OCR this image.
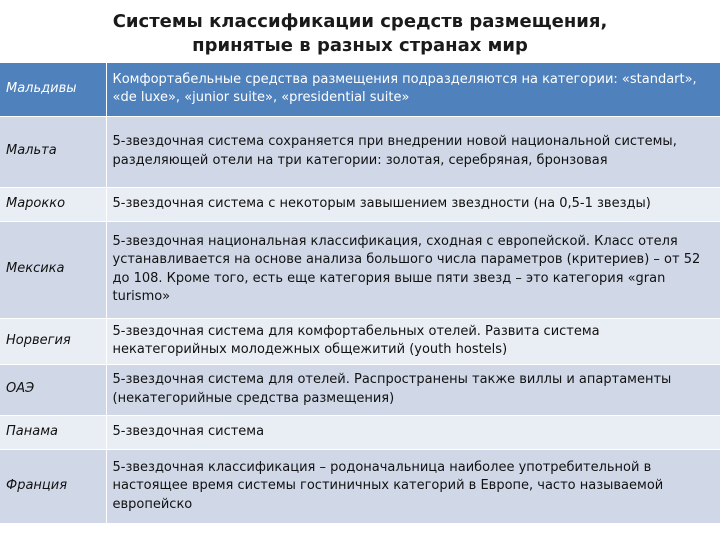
Системы классификации средств размещения,
принятые в разных странах мир
Мальдивы	Комфортабельные средства размещения подразделяются на категории: «standart», «de luxe», «junior suite», «presidential suite»
Мальта	5-звездочная система сохраняется при внедрении новой национальной системы, разделяющей отели на три категории: золотая, серебряная, бронзовая
Марокко	5-звездочная система с некоторым завышением звездности (на 0,5-1 звезды)
Мексика	5-звездочная национальная классификация, сходная с европейской. Класс отеля устанавливается на основе анализа большого числа параметров (критериев) – от 52 до 108. Кроме того, есть еще категория выше пяти звезд – это категория «gran turismo»
Норвегия	5-звездочная система для комфортабельных отелей. Развита система некатегорийных молодежных общежитий (youth hostels)
ОАЭ	5-звездочная система для отелей. Распространены также виллы и апартаменты (некатегорийные средства размещения)
Панама	5-звездочная система
Франция	5-звездочная классификация – родоначальница наиболее употребительной в настоящее время системы гостиничных категорий в Европе, часто называемой европейско
